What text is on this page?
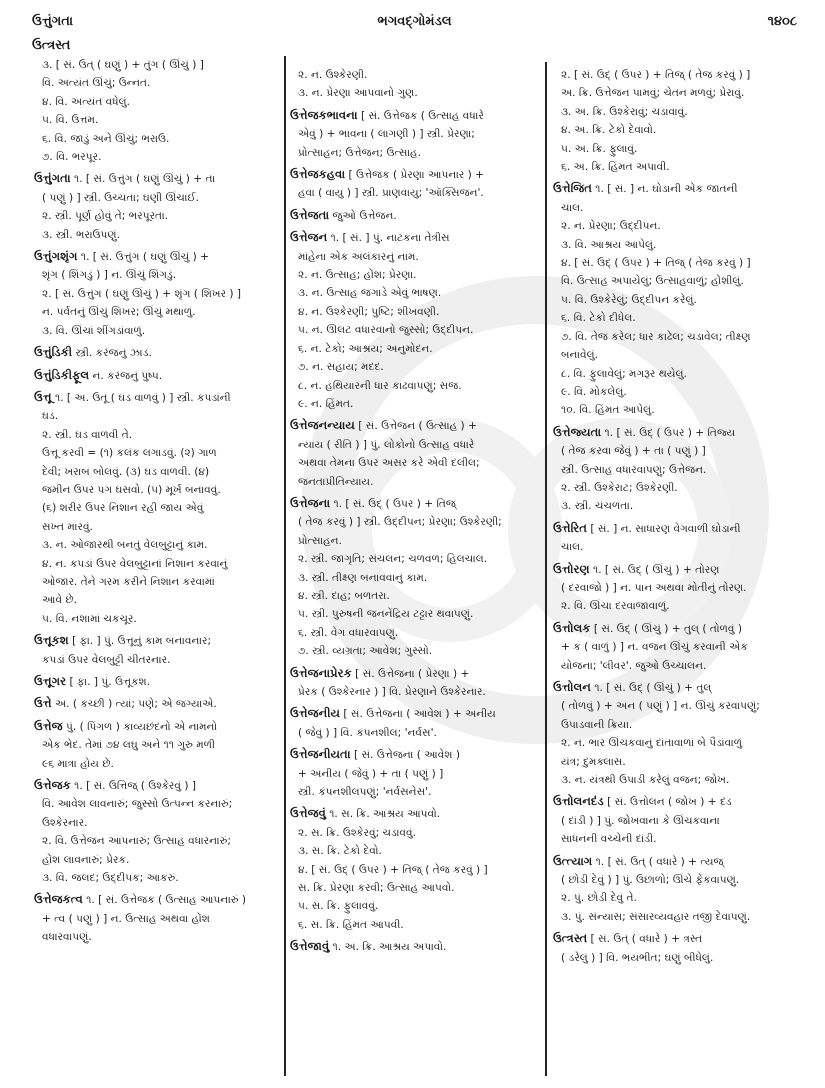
ઉત્તુંગતા	ભગવદ્ગોમંડલ	૧૪૦૮
ઉત્ત્રસ્ત
૩. [ સં. ઉત્ ( ઘણું ) + તુંગ ( ઊંચું ) ]
વિ. અત્યંત ઊંચું; ઉન્નત.
૪. વિ. અત્યંત વધેલું.
૫. વિ. ઉત્તમ.
૬. વિ. જાડું અને ઊંચું; ભરાઉ.
૭. વિ. ભરપૂર.
ઉત્તુંગતા ૧. [ સં. ઉત્તુંગ ( ઘણું ઊંચું ) + તા
( પણું ) ] સ્ત્રી. ઉચ્ચતા; ઘણી ઊંચાઈ.
૨. સ્ત્રી. પૂર્ણ હોવું તે; ભરપૂરતા.
૩. સ્ત્રી. ભરાઉપણું.
ઉત્તુંગશૃંગ ૧. [ સં. ઉત્તુંગ ( ઘણું ઊંચું ) +
શૃંગ ( શિંગડું ) ] ન. ઊંચું શિંગડું.
૨. [ સં. ઉત્તુંગ ( ઘણું ઊંચું ) + શૃંગ ( શિખર ) ]
ન. પર્વતનું ઊંચું શિખર; ઊંચું મથાળું.
૩. વિ. ઊંચાં શીંગડાંવાળું.
ઉત્તુંડિકી સ્ત્રી. કરંજનું ઝાડ.
ઉત્તુંડિકીફૂલ ન. કરંજનું પુષ્પ.
ઉત્તૂ ૧. [ અ. ઉતૂ ( ઘડ વાળવું ) ] સ્ત્રી. કપડાંની
ઘડ.
૨. સ્ત્રી. ઘડ વાળવી તે.
ઉત્તૂ કરવી = (૧) કલંક લગાડવું. (૨) ગાળ
દેવી; ખરાબ બોલવું. (૩) ઘડ વાળવી. (૪)
જમીન ઉપર પગ ઘસવો. (૫) મૂર્ખ બનાવવું.
(૬) શરીર ઉપર નિશાન રહી જાય એવું
સખ્ત મારવું.
૩. ન. ઓજારથી બનતું વેલબુટ્ટાનું કામ.
૪. ન. કપડાં ઉપર વેલબુટ્ટાનાં નિશાન કરવાનું
ઓજાર. તેને ગરમ કરીને નિશાન કરવામાં
આવે છે.
૫. વિ. નશામાં ચકચૂર.
ઉત્તૂકશ [ ફા. ] પું. ઉત્તૂનું કામ બનાવનાર;
કપડાં ઉપર વેલબુટ્ટી ચીતરનાર.
ઉત્તૂગર [ ફા. ] પું. ઉત્તૂકશ.
ઉત્તે અ. ( કચ્છી ) ત્યાં; પણે; એ જગ્યાએ.
ઉત્તેજ પું. ( પિંગળ ) કાવ્યછંદનો એ નામનો
એક ભેદ. તેમાં ૭૪ લઘુ અને ૧૧ ગુરુ મળી
૯૬ માત્રા હોય છે.
ઉત્તેજક ૧. [ સં. ઉત્તિજ્ ( ઉશ્કેરવું ) ]
વિ. આવેશ લાવનારું; જુસ્સો ઉત્પન્ન કરનારું;
ઉશ્કેરનાર.
૨. વિ. ઉત્તેજન આપનારું; ઉત્સાહ વધારનારું;
હોંશ લાવનારું; પ્રેરક.
૩. વિ. જલદ; ઉદ્દીપક; આકરું.
ઉત્તેજકત્વ ૧. [ સં. ઉત્તેજક ( ઉત્સાહ આપનારું )
+ ત્વ ( પણું ) ] ન. ઉત્સાહ અથવા હોંશ
વધારવાપણું.
૨. ન. ઉશ્કેરણી.
૩. ન. પ્રેરણા આપવાનો ગુણ.
ઉત્તેજકભાવના [ સં. ઉત્તેજક ( ઉત્સાહ વધારે
એવું ) + ભાવના ( લાગણી ) ] સ્ત્રી. પ્રેરણા;
પ્રોત્સાહન; ઉત્તેજન; ઉત્સાહ.
ઉત્તેજકહવા [ ઉત્તેજક ( પ્રેરણા આપનાર ) +
હવા ( વાયુ ) ] સ્ત્રી. પ્રાણવાયુ; 'ઑક્સિજન'.
ઉત્તેજતા જુઓ ઉત્તેજન.
ઉત્તેજન ૧. [ સં. ] પું. નાટકના તેત્રીસ
માંહેના એક અલંકારનું નામ.
૨. ન. ઉત્સાહ; હોંશ; પ્રેરણા.
૩. ન. ઉત્સાહ જગાડે એવું ભાષણ.
૪. ન. ઉશ્કેરણી; પુષ્ટિ; શીખવણી.
૫. ન. ઊલટ વધારવાનો જુસ્સો; ઉદ્દીપન.
૬. ન. ટેકો; આશ્રય; અનુમોદન.
૭. ન. સહાય; મદદ.
૮. ન. હથિયારની ધાર કાઢવાપણું; સજ.
૯. ન. હિંમત.
ઉત્તેજનન્યાય [ સં. ઉત્તેજન ( ઉત્સાહ ) +
ન્યાય ( રીતિ ) ] પું. લોકોનો ઉત્સાહ વધારે
અથવા તેમના ઉપર અસર કરે એવી દલીલ;
જનતાપ્રીતિન્યાય.
ઉત્તેજના ૧. [ સં. ઉદ્ ( ઉપર ) + તિજ્
( તેજ કરવું ) ] સ્ત્રી. ઉદ્દીપન; પ્રેરણા; ઉશ્કેરણી;
પ્રોત્સાહન.
૨. સ્ત્રી. જાગૃતિ; સંચલન; ચળવળ; હિલચાલ.
૩. સ્ત્રી. તીક્ષ્ણ બનાવવાનું કામ.
૪. સ્ત્રી. દાહ; બળતરા.
૫. સ્ત્રી. પુરુષની જનનેંદ્રિય ટટ્ટાર થવાપણું.
૬. સ્ત્રી. વેગ વધારવાપણું.
૭. સ્ત્રી. વ્યગ્રતા; આવેશ; ગુસ્સો.
ઉત્તેજનાપ્રેરક [ સં. ઉત્તેજના ( પ્રેરણા ) +
પ્રેરક ( ઉશ્કેરનાર ) ] વિ. પ્રેરણાને ઉશ્કેરનાર.
ઉત્તેજનીય [ સં. ઉત્તેજના ( આવેશ ) + અનીય
( જેવું ) ] વિ. કંપનશીલ; 'નર્વસ'.
ઉત્તેજનીયતા [ સં. ઉત્તેજના ( આવેશ )
+ અનીય ( જેવું ) + તા ( પણું ) ]
સ્ત્રી. કંપનશીલપણું; 'નર્વસનેસ'.
ઉત્તેજવું ૧. સ. ક્રિ. આશ્રય આપવો.
૨. સ. ક્રિ. ઉશ્કેરવું; ચડાવવું.
૩. સ. ક્રિ. ટેકો દેવો.
૪. [ સં. ઉદ્ ( ઉપર ) + તિજ્ ( તેજ કરવું ) ]
સ. ક્રિ. પ્રેરણા કરવી; ઉત્સાહ આપવો.
૫. સ. ક્રિ. ફુલાવવું.
૬. સ. ક્રિ. હિંમત આપવી.
ઉત્તેજાવું ૧. અ. ક્રિ. આશ્રય અપાવો.
૨. [ સં. ઉદ્ ( ઉપર ) + તિજ્ ( તેજ કરવું ) ]
અ. ક્રિ. ઉત્તેજન પામવું; ચેતન મળવું; પ્રેરાવું.
૩. અ. ક્રિ. ઉશ્કેરાવું; ચડાવાવું.
૪. અ. ક્રિ. ટેકો દેવાવો.
૫. અ. ક્રિ. ફુલાવું.
૬. અ. ક્રિ. હિંમત અપાવી.
ઉત્તેજિત ૧. [ સં. ] ન. ઘોડાની એક જાતની
ચાલ.
૨. ન. પ્રેરણા; ઉદ્દીપન.
૩. વિ. આશ્રય આપેલું.
૪. [ સં. ઉદ્ ( ઉપર ) + તિજ્ ( તેજ કરવું ) ]
વિ. ઉત્સાહ અપાયેલું; ઉત્સાહવાળું; હોંશીલું.
૫. વિ. ઉશ્કેરેલું; ઉદ્દીપન કરેલું.
૬. વિ. ટેકો દીધેલ.
૭. વિ. તેજ કરેલ; ધાર કાઢેલ; ચડાવેલ; તીક્ષ્ણ
બનાવેલું.
૮. વિ. ફુલાવેલું; મગરૂર થયેલું.
૯. વિ. મોકલેલું.
૧૦. વિ. હિંમત આપેલું.
ઉત્તેજ્યતા ૧. [ સં. ઉદ્ ( ઉપર ) + તિજ્ય
( તેજ કરવા જેવું ) + તા ( પણું ) ]
સ્ત્રી. ઉત્સાહ વધારવાપણું; ઉત્તેજન.
૨. સ્ત્રી. ઉશ્કેરાટ; ઉશ્કેરણી.
૩. સ્ત્રી. ચંચળતા.
ઉત્તેરિત [ સં. ] ન. સાધારણ વેગવાળી ઘોડાની
ચાલ.
ઉત્તોરણ ૧. [ સં. ઉદ્ ( ઊંચું ) + તોરણ
( દરવાજો ) ] ન. પાન અથવા મોતીનું તોરણ.
૨. વિ. ઊંચા દરવાજાવાળું.
ઉત્તોલક [ સં. ઉદ્ ( ઊંચું ) + તુલ્ ( તોળવું )
+ ક ( વાળું ) ] ન. વજન ઊંચું કરવાની એક
યોજના; 'લીવર'. જુઓ ઉચ્ચાલન.
ઉત્તોલન ૧. [ સં. ઉદ્ ( ઊંચું ) + તુલ્
( તોળવું ) + અન ( પણું ) ] ન. ઊંચું કરવાપણું;
ઉપાડવાની ક્રિયા.
૨. ન. ભાર ઊંચકવાનું દાંતાવાળાં બે પૈડાંવાળું
યંત્ર; દુમક્લાસ.
૩. ન. યંત્રથી ઉપાડી કરેલું વજન; જોખ.
ઉત્તોલનદંડ [ સં. ઉત્તોલન ( જોખ ) + દંડ
( દાંડી ) ] પું. જોખવાના કે ઊંચકવાના
સાધનની વચ્ચેની દાંડી.
ઉત્ત્યાગ ૧. [ સં. ઉત્ ( વધારે ) + ત્યજ્
( છોડી દેવું ) ] પું. ઉછાળો; ઊંચે ફેંકવાપણું.
૨. પું. છોડી દેવું તે.
૩. પું. સંન્યાસ; સંસારવ્યવહાર તજી દેવાપણું.
ઉત્ત્રસ્ત [ સં. ઉત્ ( વધારે ) + ત્રસ્ત
( ડરેલું ) ] વિ. ભયભીત; ઘણું બીધેલું.
